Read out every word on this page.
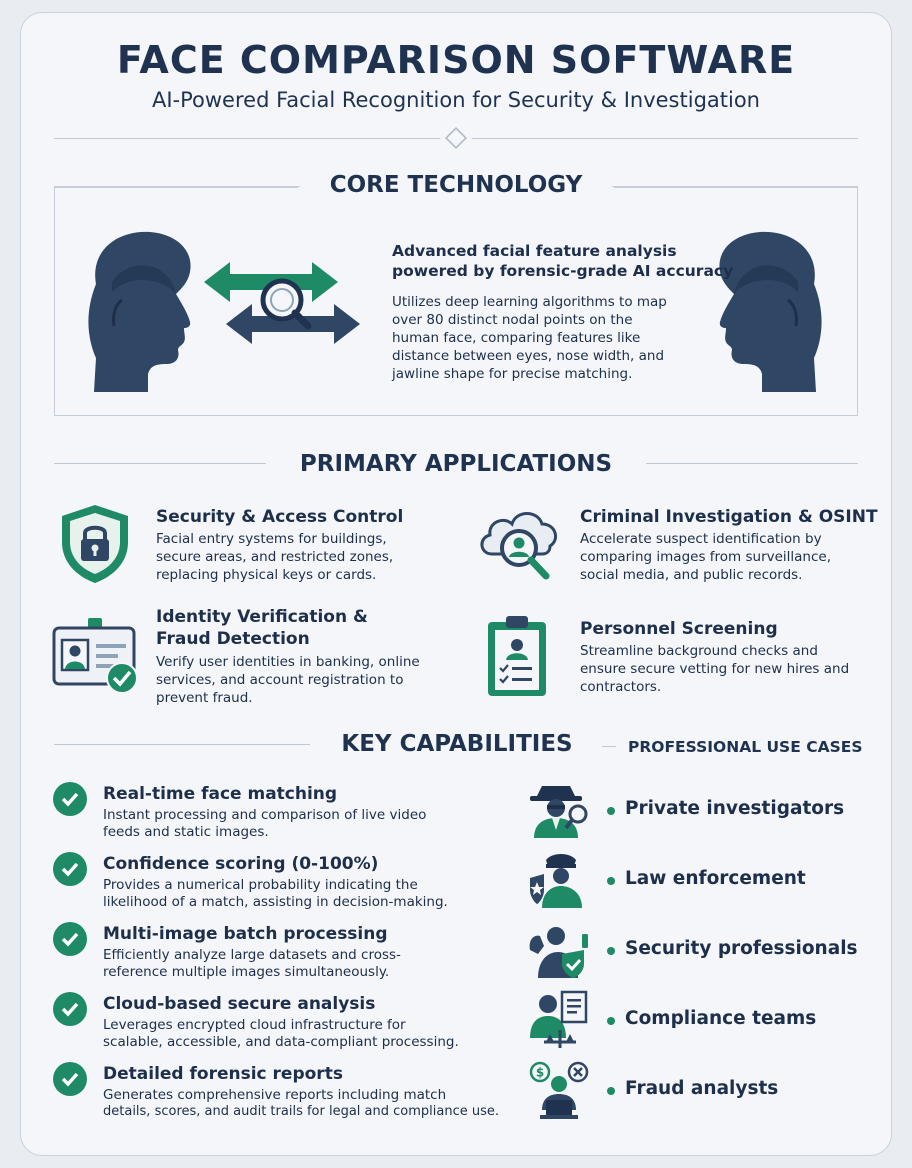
FACE COMPARISON SOFTWARE
AI-Powered Facial Recognition for Security & Investigation
CORE TECHNOLOGY
Advanced facial feature analysis
powered by forensic-grade AI accuracy
Utilizes deep learning algorithms to map
over 80 distinct nodal points on the
human face, comparing features like
distance between eyes, nose width, and
jawline shape for precise matching.
PRIMARY APPLICATIONS
Security & Access Control
Facial entry systems for buildings,
secure areas, and restricted zones,
replacing physical keys or cards.
Criminal Investigation & OSINT
Accelerate suspect identification by
comparing images from surveillance,
social media, and public records.
Identity Verification &
Fraud Detection
Verify user identities in banking, online
services, and account registration to
prevent fraud.
Personnel Screening
Streamline background checks and
ensure secure vetting for new hires and
contractors.
KEY CAPABILITIES	PROFESSIONAL USE CASES
Real-time face matching
Instant processing and comparison of live video
feeds and static images.
Confidence scoring (0-100%)
Provides a numerical probability indicating the
likelihood of a match, assisting in decision-making.
Multi-image batch processing
Efficiently analyze large datasets and cross-
reference multiple images simultaneously.
Cloud-based secure analysis
Leverages encrypted cloud infrastructure for
scalable, accessible, and data-compliant processing.
Detailed forensic reports
Generates comprehensive reports including match
details, scores, and audit trails for legal and compliance use.
Private investigators
Law enforcement
Security professionals
Compliance teams
$
Fraud analysts
